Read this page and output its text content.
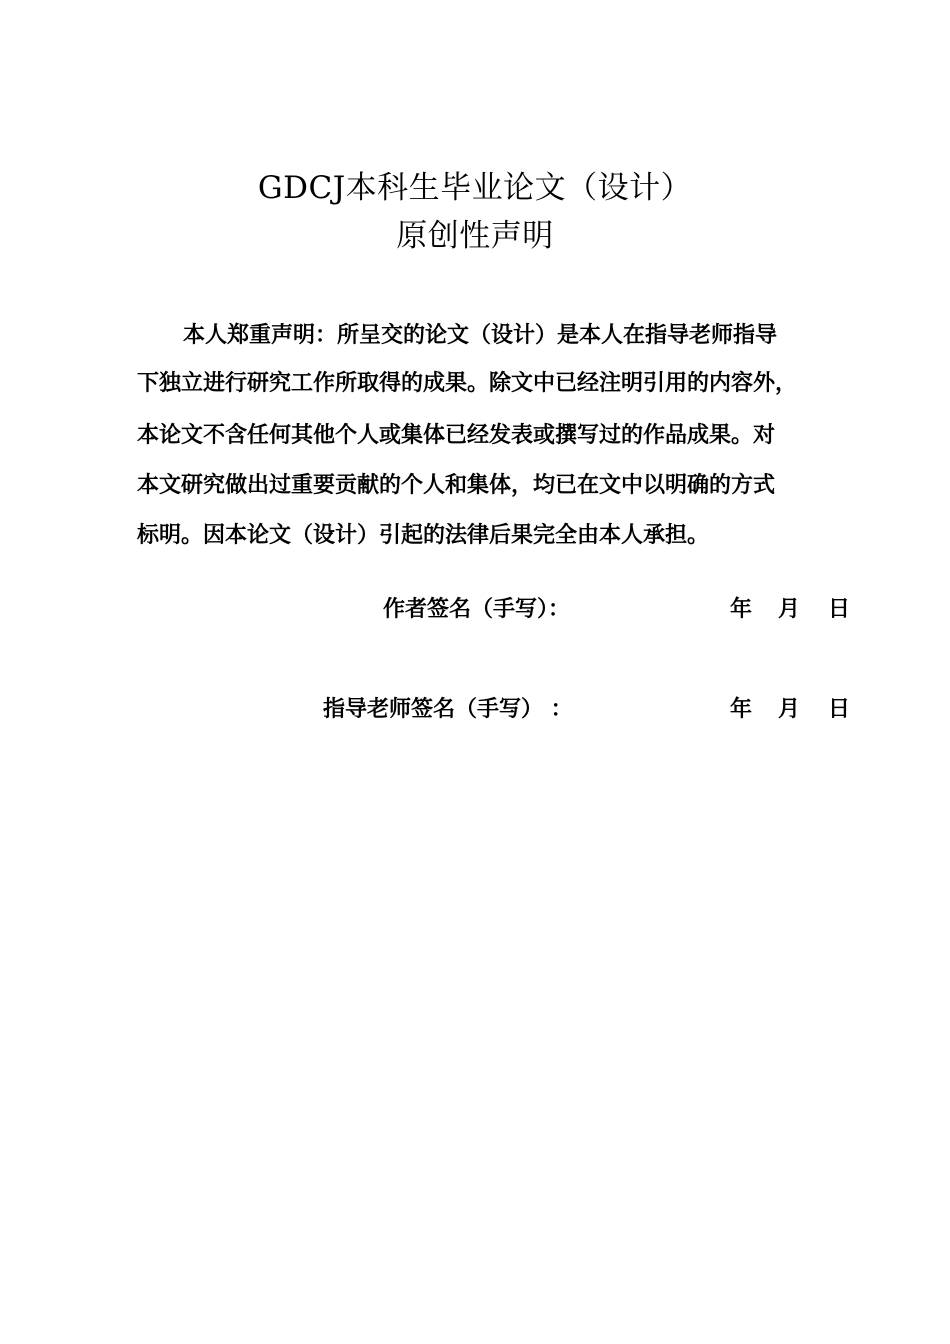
GDCJ本科生毕业论文（设计）
原创性声明
本人郑重声明：所呈交的论文（设计）是本人在指导老师指导
下独立进行研究工作所取得的成果。除文中已经注明引用的内容外，
本论文不含任何其他个人或集体已经发表或撰写过的作品成果。对
本文研究做出过重要贡献的个人和集体，均已在文中以明确的方式
标明。因本论文（设计）引起的法律后果完全由本人承担。
作者签名（手写）：	年 月 日
指导老师签名（手写） ：	年 月 日
